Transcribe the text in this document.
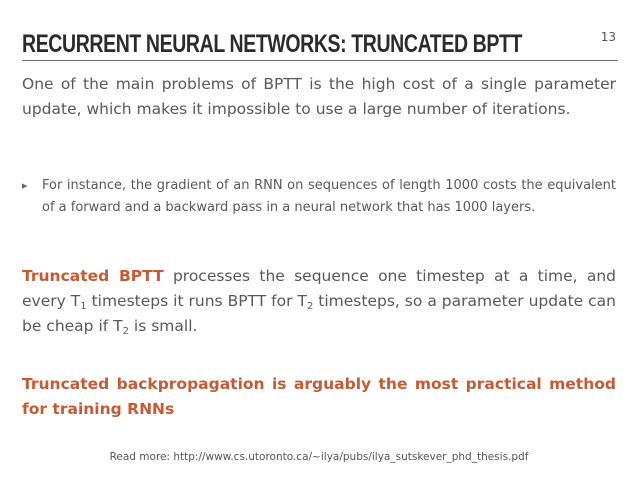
RECURRENT NEURAL NETWORKS: TRUNCATED BPTT	13
One of the main problems of BPTT is the high cost of a single parameter update, which makes it impossible to use a large number of iterations.
▸	For instance, the gradient of an RNN on sequences of length 1000 costs the equivalent of a forward and a backward pass in a neural network that has 1000 layers.
Truncated BPTT processes the sequence one timestep at a time, and every $T_1$ timesteps it runs BPTT for $T_2$ timesteps, so a parameter update can be cheap if $T_2$ is small.
Truncated backpropagation is arguably the most practical method for training RNNs
Read more: http://www.cs.utoronto.ca/~ilya/pubs/ilya_sutskever_phd_thesis.pdf
